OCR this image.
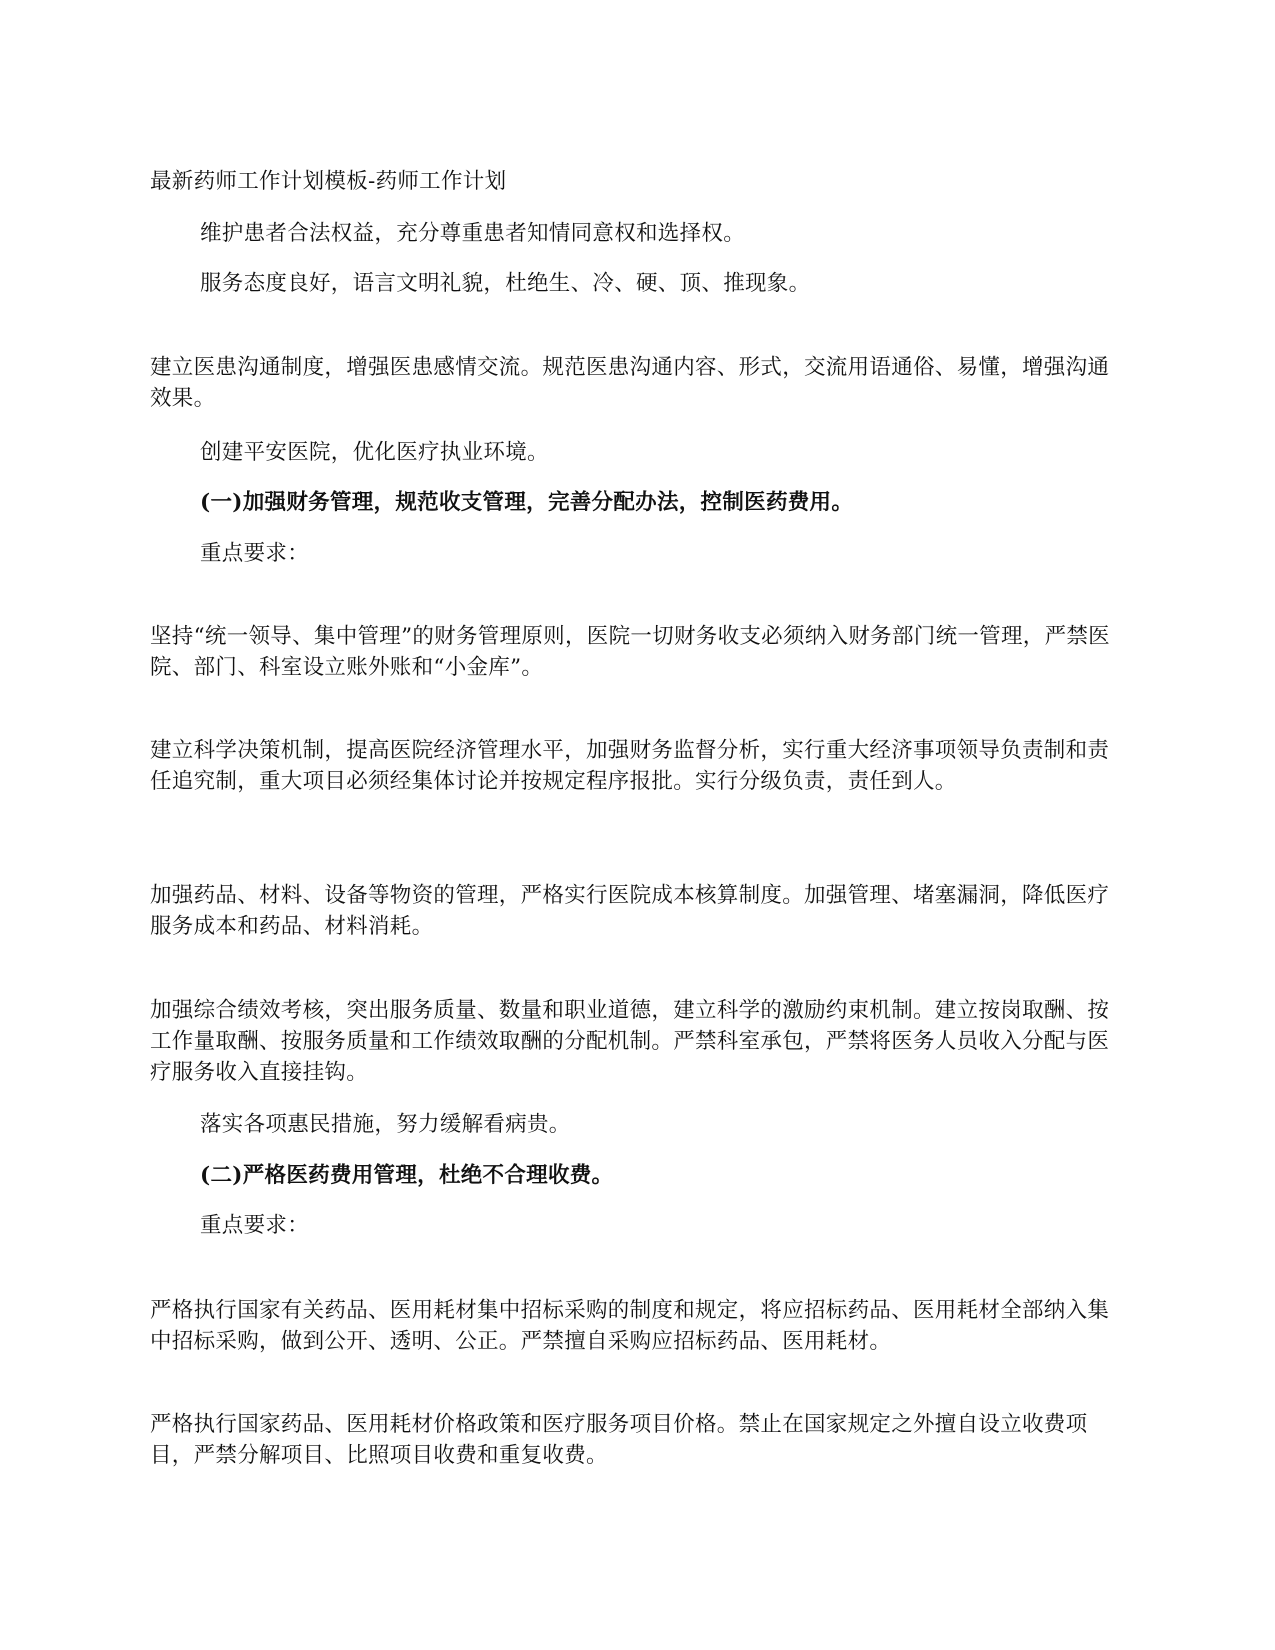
最新药师工作计划模板-药师工作计划

维护患者合法权益，充分尊重患者知情同意权和选择权。

服务态度良好，语言文明礼貌，杜绝生、冷、硬、顶、推现象。

建立医患沟通制度，增强医患感情交流。规范医患沟通内容、形式，交流用语通俗、易懂，增强沟通效果。

创建平安医院，优化医疗执业环境。

(一)加强财务管理，规范收支管理，完善分配办法，控制医药费用。

重点要求：

坚持“统一领导、集中管理”的财务管理原则，医院一切财务收支必须纳入财务部门统一管理，严禁医院、部门、科室设立账外账和“小金库”。

建立科学决策机制，提高医院经济管理水平，加强财务监督分析，实行重大经济事项领导负责制和责任追究制，重大项目必须经集体讨论并按规定程序报批。实行分级负责，责任到人。

加强药品、材料、设备等物资的管理，严格实行医院成本核算制度。加强管理、堵塞漏洞，降低医疗服务成本和药品、材料消耗。

加强综合绩效考核，突出服务质量、数量和职业道德，建立科学的激励约束机制。建立按岗取酬、按工作量取酬、按服务质量和工作绩效取酬的分配机制。严禁科室承包，严禁将医务人员收入分配与医疗服务收入直接挂钩。

落实各项惠民措施，努力缓解看病贵。

(二)严格医药费用管理，杜绝不合理收费。

重点要求：

严格执行国家有关药品、医用耗材集中招标采购的制度和规定，将应招标药品、医用耗材全部纳入集中招标采购，做到公开、透明、公正。严禁擅自采购应招标药品、医用耗材。

严格执行国家药品、医用耗材价格政策和医疗服务项目价格。禁止在国家规定之外擅自设立收费项目，严禁分解项目、比照项目收费和重复收费。
